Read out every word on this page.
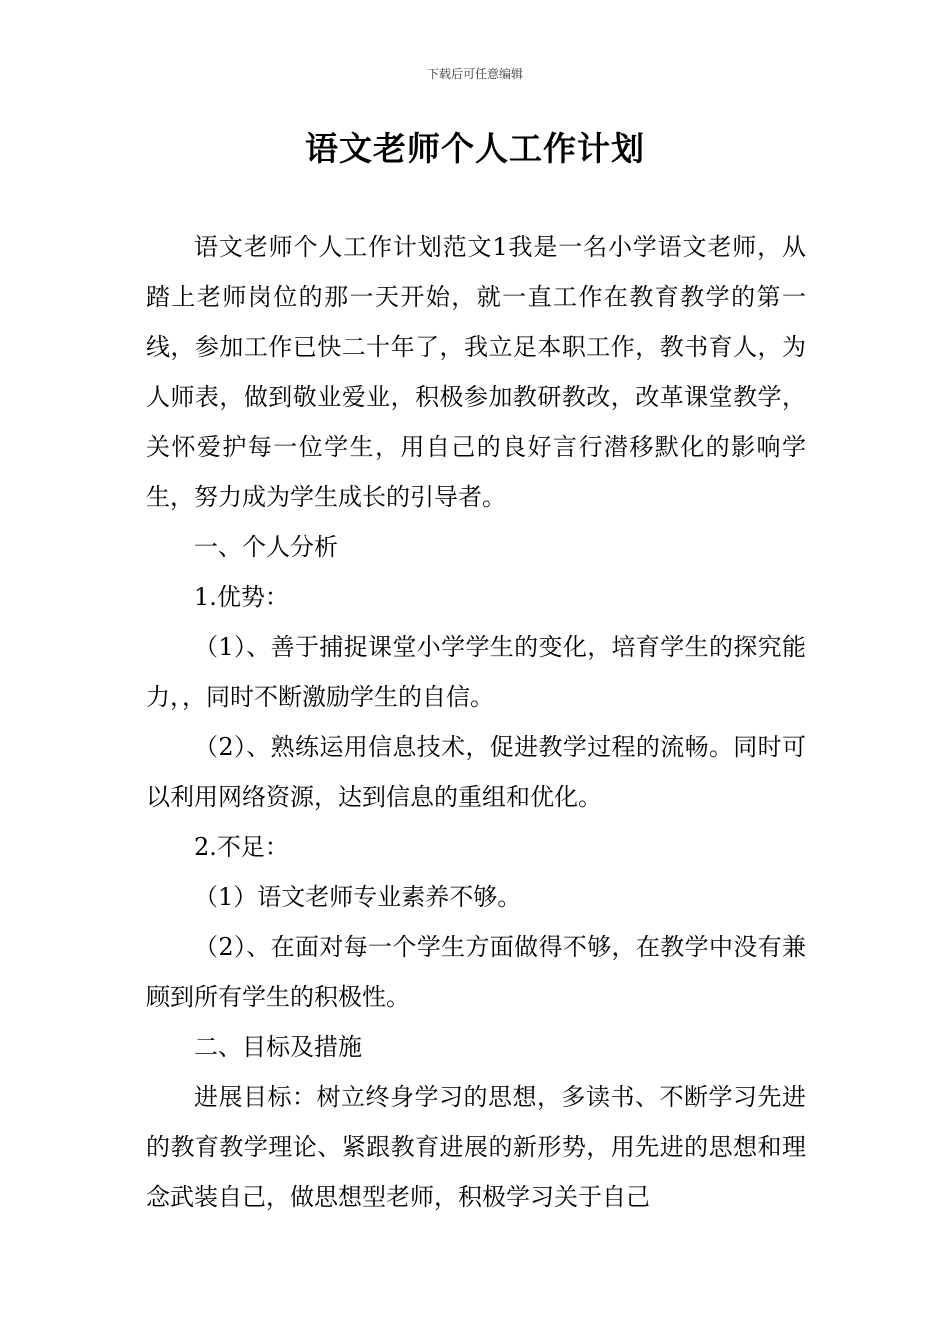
下载后可任意编辑
语文老师个人工作计划

语文老师个人工作计划范文1我是一名小学语文老师，从踏上老师岗位的那一天开始，就一直工作在教育教学的第一线，参加工作已快二十年了，我立足本职工作，教书育人，为人师表，做到敬业爱业，积极参加教研教改，改革课堂教学，关怀爱护每一位学生，用自己的良好言行潜移默化的影响学生，努力成为学生成长的引导者。

一、个人分析

1.优势：

（1）、善于捕捉课堂小学学生的变化，培育学生的探究能力，，同时不断激励学生的自信。

（2）、熟练运用信息技术，促进教学过程的流畅。同时可以利用网络资源，达到信息的重组和优化。

2.不足：

（1）语文老师专业素养不够。

（2）、在面对每一个学生方面做得不够，在教学中没有兼顾到所有学生的积极性。

二、目标及措施

进展目标：树立终身学习的思想，多读书、不断学习先进的教育教学理论、紧跟教育进展的新形势，用先进的思想和理念武装自己，做思想型老师，积极学习关于自己
